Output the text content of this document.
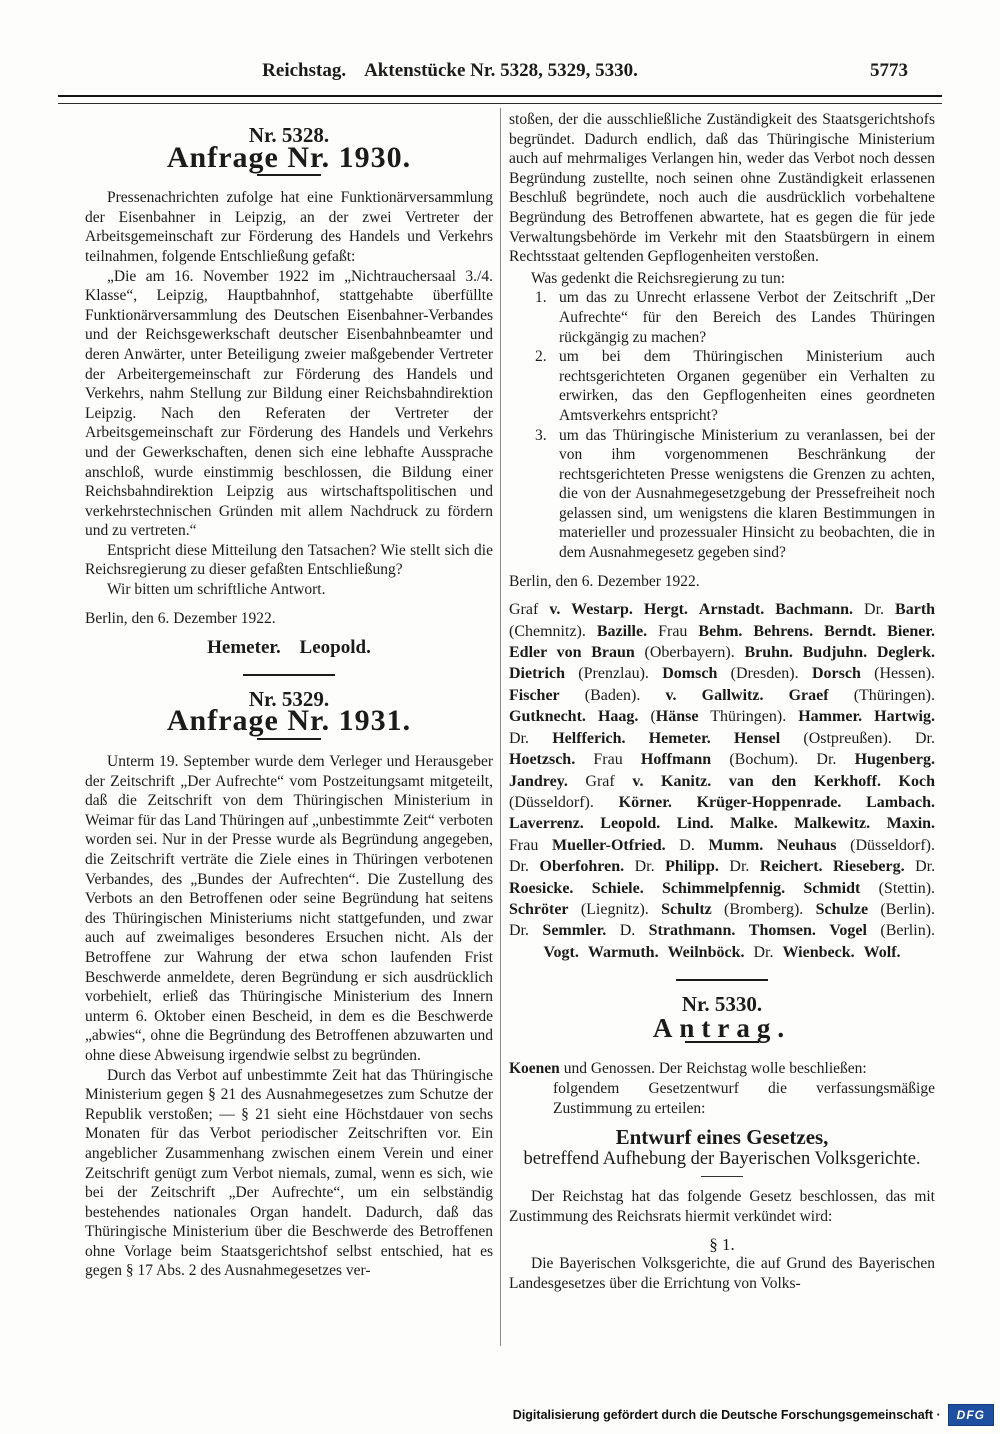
Reichstag. Aktenstücke Nr. 5328, 5329, 5330.	5773

Nr. 5328.

Anfrage Nr. 1930.

Pressenachrichten zufolge hat eine Funktionärversammlung der Eisenbahner in Leipzig, an der zwei Vertreter der Arbeitsgemeinschaft zur Förderung des Handels und Verkehrs teilnahmen, folgende Entschließung gefaßt:

„Die am 16. November 1922 im „Nichtrauchersaal 3./4. Klasse“, Leipzig, Hauptbahnhof, stattgehabte überfüllte Funktionärversammlung des Deutschen Eisenbahner-Verbandes und der Reichsgewerkschaft deutscher Eisenbahnbeamter und deren Anwärter, unter Beteiligung zweier maßgebender Vertreter der Arbeitergemeinschaft zur Förderung des Handels und Verkehrs, nahm Stellung zur Bildung einer Reichsbahndirektion Leipzig. Nach den Referaten der Vertreter der Arbeitsgemeinschaft zur Förderung des Handels und Verkehrs und der Gewerkschaften, denen sich eine lebhafte Aussprache anschloß, wurde einstimmig beschlossen, die Bildung einer Reichsbahndirektion Leipzig aus wirtschaftspolitischen und verkehrstechnischen Gründen mit allem Nachdruck zu fördern und zu vertreten.“

Entspricht diese Mitteilung den Tatsachen? Wie stellt sich die Reichsregierung zu dieser gefaßten Entschließung?

Wir bitten um schriftliche Antwort.

Berlin, den 6. Dezember 1922.

Hemeter. Leopold.

Nr. 5329.

Anfrage Nr. 1931.

Unterm 19. September wurde dem Verleger und Herausgeber der Zeitschrift „Der Aufrechte“ vom Postzeitungsamt mitgeteilt, daß die Zeitschrift von dem Thüringischen Ministerium in Weimar für das Land Thüringen auf „unbestimmte Zeit“ verboten worden sei. Nur in der Presse wurde als Begründung angegeben, die Zeitschrift verträte die Ziele eines in Thüringen verbotenen Verbandes, des „Bundes der Aufrechten“. Die Zustellung des Verbots an den Betroffenen oder seine Begründung hat seitens des Thüringischen Ministeriums nicht stattgefunden, und zwar auch auf zweimaliges besonderes Ersuchen nicht. Als der Betroffene zur Wahrung der etwa schon laufenden Frist Beschwerde anmeldete, deren Begründung er sich ausdrücklich vorbehielt, erließ das Thüringische Ministerium des Innern unterm 6. Oktober einen Bescheid, in dem es die Beschwerde „abwies“, ohne die Begründung des Betroffenen abzuwarten und ohne diese Abweisung irgendwie selbst zu begründen.

Durch das Verbot auf unbestimmte Zeit hat das Thüringische Ministerium gegen § 21 des Ausnahmegesetzes zum Schutze der Republik verstoßen; — § 21 sieht eine Höchstdauer von sechs Monaten für das Verbot periodischer Zeitschriften vor. Ein angeblicher Zusammenhang zwischen einem Verein und einer Zeitschrift genügt zum Verbot niemals, zumal, wenn es sich, wie bei der Zeitschrift „Der Aufrechte“, um ein selbständig bestehendes nationales Organ handelt. Dadurch, daß das Thüringische Ministerium über die Beschwerde des Betroffenen ohne Vorlage beim Staatsgerichtshof selbst entschied, hat es gegen § 17 Abs. 2 des Ausnahmegesetzes ver-

stoßen, der die ausschließliche Zuständigkeit des Staatsgerichtshofs begründet. Dadurch endlich, daß das Thüringische Ministerium auch auf mehrmaliges Verlangen hin, weder das Verbot noch dessen Begründung zustellte, noch seinen ohne Zuständigkeit erlassenen Beschluß begründete, noch auch die ausdrücklich vorbehaltene Begründung des Betroffenen abwartete, hat es gegen die für jede Verwaltungsbehörde im Verkehr mit den Staatsbürgern in einem Rechtsstaat geltenden Gepflogenheiten verstoßen.

Was gedenkt die Reichsregierung zu tun:

1. um das zu Unrecht erlassene Verbot der Zeitschrift „Der Aufrechte“ für den Bereich des Landes Thüringen rückgängig zu machen?
2. um bei dem Thüringischen Ministerium auch rechtsgerichteten Organen gegenüber ein Verhalten zu erwirken, das den Gepflogenheiten eines geordneten Amtsverkehrs entspricht?
3. um das Thüringische Ministerium zu veranlassen, bei der von ihm vorgenommenen Beschränkung der rechtsgerichteten Presse wenigstens die Grenzen zu achten, die von der Ausnahmegesetzgebung der Pressefreiheit noch gelassen sind, um wenigstens die klaren Bestimmungen in materieller und prozessualer Hinsicht zu beobachten, die in dem Ausnahmegesetz gegeben sind?

Berlin, den 6. Dezember 1922.

Graf v. Westarp. Hergt. Arnstadt. Bachmann. Dr. Barth (Chemnitz). Bazille. Frau Behm. Behrens. Berndt. Biener. Edler von Braun (Oberbayern). Bruhn. Budjuhn. Deglerk. Dietrich (Prenzlau). Domsch (Dresden). Dorsch (Hessen). Fischer (Baden). v. Gallwitz. Graef (Thüringen). Gutknecht. Haag. (Hänse Thüringen). Hammer. Hartwig. Dr. Helfferich. Hemeter. Hensel (Ostpreußen). Dr. Hoetzsch. Frau Hoffmann (Bochum). Dr. Hugenberg. Jandrey. Graf v. Kanitz. van den Kerkhoff. Koch (Düsseldorf). Körner. Krüger-Hoppenrade. Lambach. Laverrenz. Leopold. Lind. Malke. Malkewitz. Maxin. Frau Mueller-Otfried. D. Mumm. Neuhaus (Düsseldorf). Dr. Oberfohren. Dr. Philipp. Dr. Reichert. Rieseberg. Dr. Roesicke. Schiele. Schimmelpfennig. Schmidt (Stettin). Schröter (Liegnitz). Schultz (Bromberg). Schulze (Berlin). Dr. Semmler. D. Strathmann. Thomsen. Vogel (Berlin). Vogt. Warmuth. Weilnböck. Dr. Wienbeck. Wolf.

Nr. 5330.

Antrag.

Koenen und Genossen. Der Reichstag wolle beschließen:

folgendem Gesetzentwurf die verfassungsmäßige Zustimmung zu erteilen:

Entwurf eines Gesetzes,

betreffend Aufhebung der Bayerischen Volksgerichte.

Der Reichstag hat das folgende Gesetz beschlossen, das mit Zustimmung des Reichsrats hiermit verkündet wird:

§ 1.

Die Bayerischen Volksgerichte, die auf Grund des Bayerischen Landesgesetzes über die Errichtung von Volks-

Digitalisierung gefördert durch die Deutsche Forschungsgemeinschaft ·	DFG
